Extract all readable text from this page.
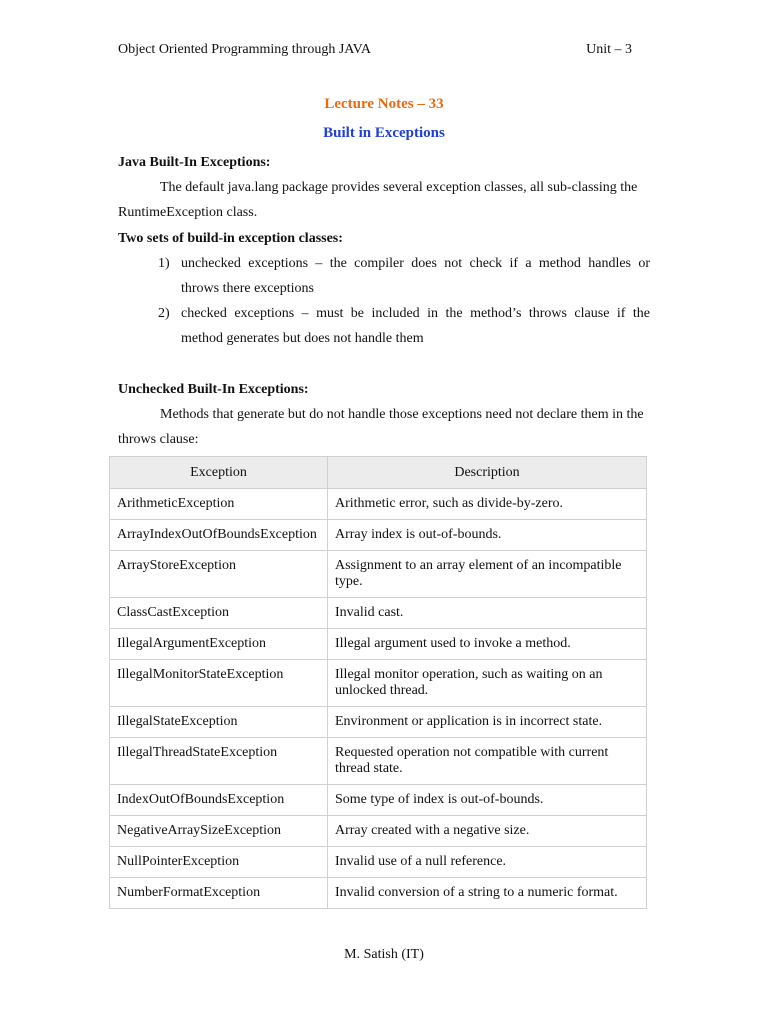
Object Oriented Programming through JAVA	Unit – 3
Lecture Notes – 33
Built in Exceptions
Java Built-In Exceptions:
The default java.lang package provides several exception classes, all sub-classing the
RuntimeException class.
Two sets of build-in exception classes:
1) unchecked exceptions – the compiler does not check if a method handles or
throws there exceptions
2) checked exceptions – must be included in the method’s throws clause if the
method generates but does not handle them
Unchecked Built-In Exceptions:
Methods that generate but do not handle those exceptions need not declare them in the
throws clause:
Exception	Description
ArithmeticException	Arithmetic error, such as divide-by-zero.
ArrayIndexOutOfBoundsException	Array index is out-of-bounds.
ArrayStoreException	Assignment to an array element of an incompatible type.
ClassCastException	Invalid cast.
IllegalArgumentException	Illegal argument used to invoke a method.
IllegalMonitorStateException	Illegal monitor operation, such as waiting on an unlocked thread.
IllegalStateException	Environment or application is in incorrect state.
IllegalThreadStateException	Requested operation not compatible with current thread state.
IndexOutOfBoundsException	Some type of index is out-of-bounds.
NegativeArraySizeException	Array created with a negative size.
NullPointerException	Invalid use of a null reference.
NumberFormatException	Invalid conversion of a string to a numeric format.
M. Satish (IT)
